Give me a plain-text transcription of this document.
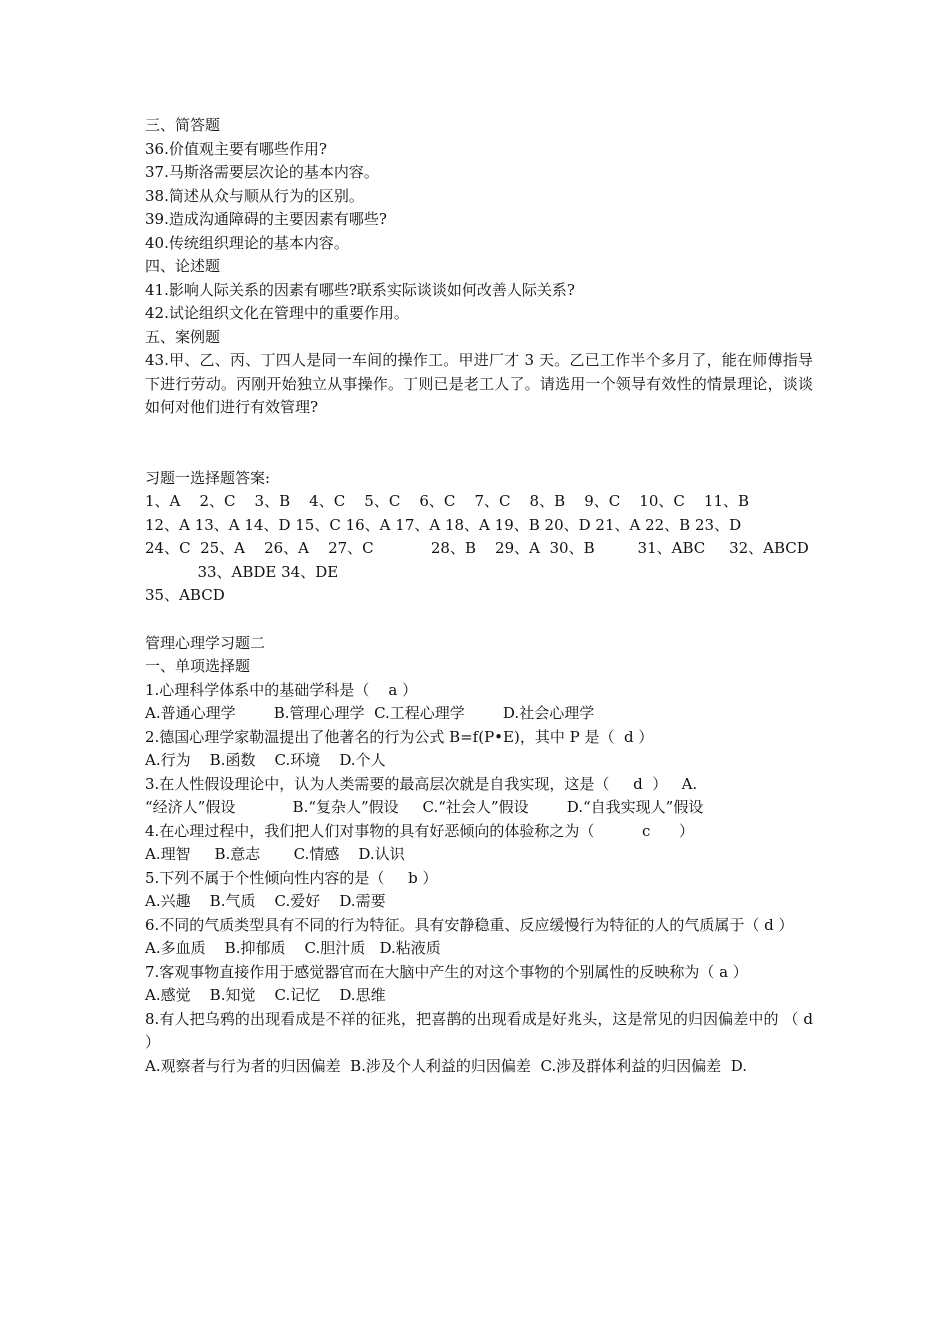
三、简答题
36.价值观主要有哪些作用?
37.马斯洛需要层次论的基本内容。
38.简述从众与顺从行为的区别。
39.造成沟通障碍的主要因素有哪些?
40.传统组织理论的基本内容。
四、论述题
41.影响人际关系的因素有哪些?联系实际谈谈如何改善人际关系?
42.试论组织文化在管理中的重要作用。
五、案例题
43.甲、乙、丙、丁四人是同一车间的操作工。甲进厂才 3 天。乙已工作半个多月了，能在师傅指导下进行劳动。丙刚开始独立从事操作。丁则已是老工人了。请选用一个领导有效性的情景理论，谈谈如何对他们进行有效管理?
习题一选择题答案:
1、A    2、C    3、B    4、C    5、C    6、C    7、C    8、B    9、C    10、C    11、B
12、A 13、A 14、D 15、C 16、A 17、A 18、A 19、B 20、D 21、A 22、B 23、D
24、C  25、A    26、A    27、C            28、B    29、A  30、B         31、ABC     32、ABCD
33、ABDE 34、DE
35、ABCD
管理心理学习题二
一、单项选择题
1.心理科学体系中的基础学科是（    a ）
A.普通心理学        B.管理心理学  C.工程心理学        D.社会心理学
2.德国心理学家勒温提出了他著名的行为公式 B=f(P•E)，其中 P 是（  d ）
A.行为    B.函数    C.环境    D.个人
3.在人性假设理论中，认为人类需要的最高层次就是自我实现，这是（     d  ）   A.
“经济人”假设            B.“复杂人”假设     C.“社会人”假设        D.“自我实现人”假设
4.在心理过程中，我们把人们对事物的具有好恶倾向的体验称之为（          c      ）
A.理智     B.意志       C.情感    D.认识
5.下列不属于个性倾向性内容的是（     b ）
A.兴趣    B.气质    C.爱好    D.需要
6.不同的气质类型具有不同的行为特征。具有安静稳重、反应缓慢行为特征的人的气质属于（ d ）
A.多血质    B.抑郁质    C.胆汁质   D.粘液质
7.客观事物直接作用于感觉器官而在大脑中产生的对这个事物的个别属性的反映称为（ a ）
A.感觉    B.知觉    C.记忆    D.思维
8.有人把乌鸦的出现看成是不祥的征兆，把喜鹊的出现看成是好兆头，这是常见的归因偏差中的 （ d ）
A.观察者与行为者的归因偏差  B.涉及个人利益的归因偏差  C.涉及群体利益的归因偏差  D.
